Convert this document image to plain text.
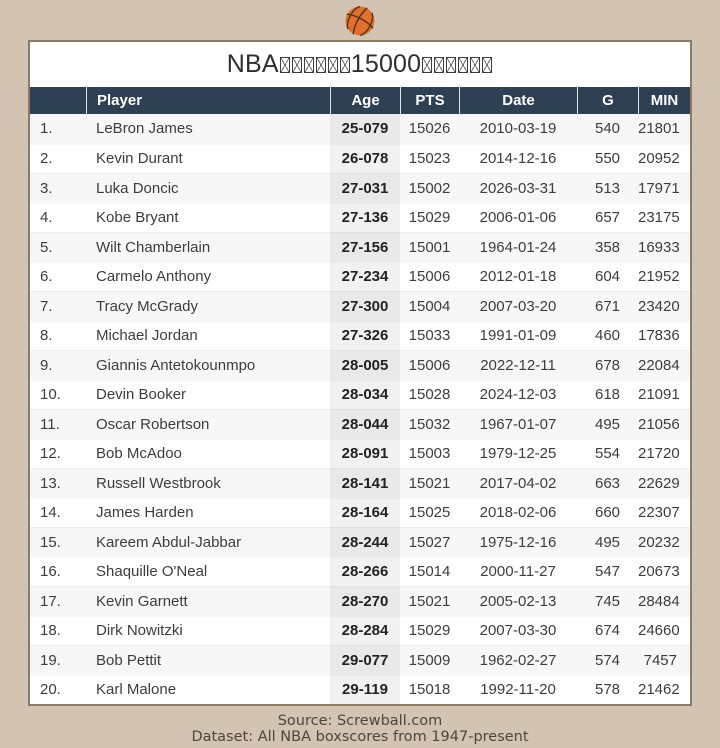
NBA	15000
	Player	Age	PTS	Date	G	MIN
1.	LeBron James	25-079	15026	2010-03-19	540	21801
2.	Kevin Durant	26-078	15023	2014-12-16	550	20952
3.	Luka Doncic	27-031	15002	2026-03-31	513	17971
4.	Kobe Bryant	27-136	15029	2006-01-06	657	23175
5.	Wilt Chamberlain	27-156	15001	1964-01-24	358	16933
6.	Carmelo Anthony	27-234	15006	2012-01-18	604	21952
7.	Tracy McGrady	27-300	15004	2007-03-20	671	23420
8.	Michael Jordan	27-326	15033	1991-01-09	460	17836
9.	Giannis Antetokounmpo	28-005	15006	2022-12-11	678	22084
10.	Devin Booker	28-034	15028	2024-12-03	618	21091
11.	Oscar Robertson	28-044	15032	1967-01-07	495	21056
12.	Bob McAdoo	28-091	15003	1979-12-25	554	21720
13.	Russell Westbrook	28-141	15021	2017-04-02	663	22629
14.	James Harden	28-164	15025	2018-02-06	660	22307
15.	Kareem Abdul-Jabbar	28-244	15027	1975-12-16	495	20232
16.	Shaquille O'Neal	28-266	15014	2000-11-27	547	20673
17.	Kevin Garnett	28-270	15021	2005-02-13	745	28484
18.	Dirk Nowitzki	28-284	15029	2007-03-30	674	24660
19.	Bob Pettit	29-077	15009	1962-02-27	574	7457
20.	Karl Malone	29-119	15018	1992-11-20	578	21462
Source: Screwball.com
Dataset: All NBA boxscores from 1947-present
